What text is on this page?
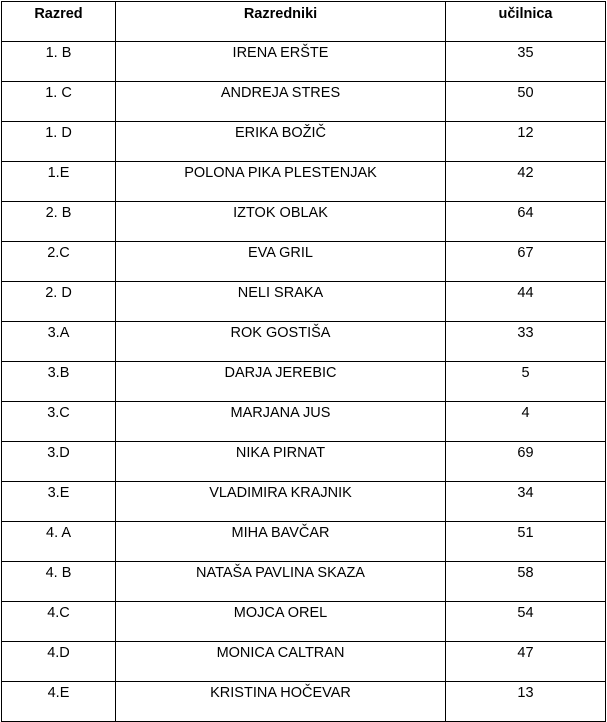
Razred	Razredniki	učilnica
1. B	IRENA ERŠTE	35
1. C	ANDREJA STRES	50
1. D	ERIKA BOŽIČ	12
1.E	POLONA PIKA PLESTENJAK	42
2. B	IZTOK OBLAK	64
2.C	EVA GRIL	67
2. D	NELI SRAKA	44
3.A	ROK GOSTIŠA	33
3.B	DARJA JEREBIC	5
3.C	MARJANA JUS	4
3.D	NIKA PIRNAT	69
3.E	VLADIMIRA KRAJNIK	34
4. A	MIHA BAVČAR	51
4. B	NATAŠA PAVLINA SKAZA	58
4.C	MOJCA OREL	54
4.D	MONICA CALTRAN	47
4.E	KRISTINA HOČEVAR	13
